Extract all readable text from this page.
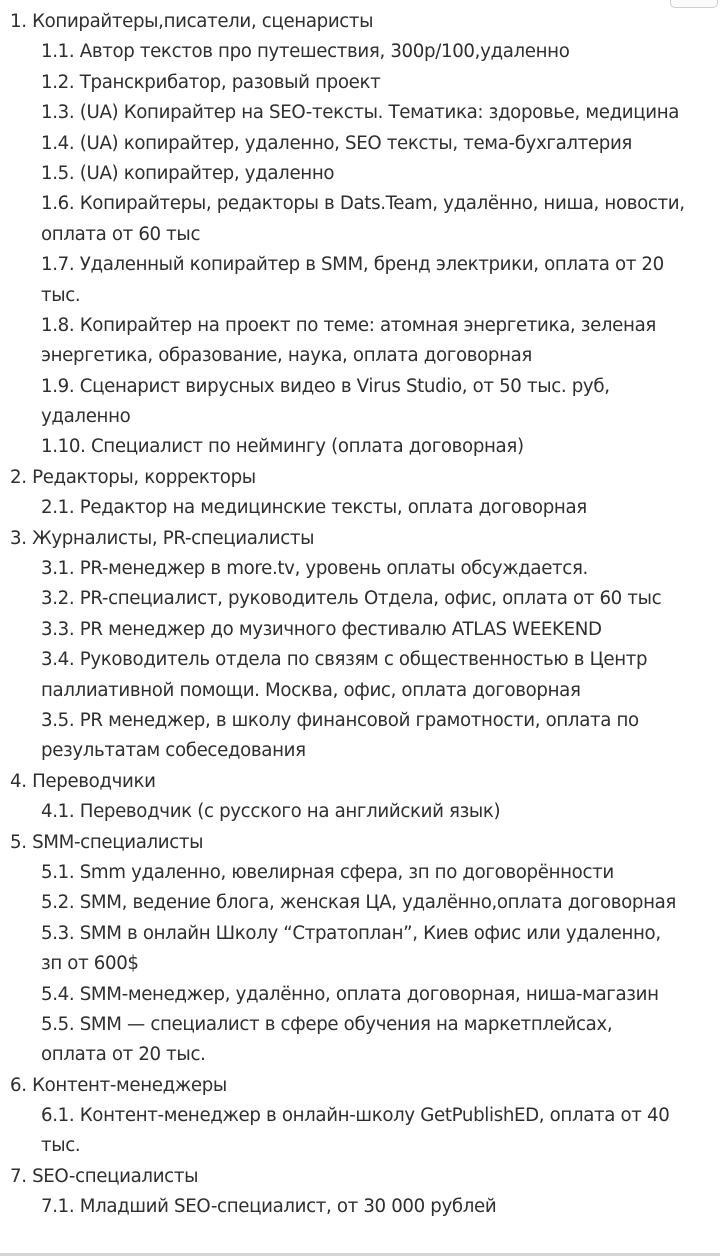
1. Копирайтеры,писатели, сценаристы
1.1. Автор текстов про путешествия, 300р/100,удаленно
1.2. Транскрибатор, разовый проект
1.3. (UA) Копирайтер на SEO-тексты. Тематика: здоровье, медицина
1.4. (UA) копирайтер, удаленно, SEO тексты, тема-бухгалтерия
1.5. (UA) копирайтер, удаленно
1.6. Копирайтеры, редакторы в Dats.Team, удалённо, ниша, новости,
оплата от 60 тыс
1.7. Удаленный копирайтер в SMM, бренд электрики, оплата от 20
тыс.
1.8. Копирайтер на проект по теме: атомная энергетика, зеленая
энергетика, образование, наука, оплата договорная
1.9. Сценарист вирусных видео в Virus Studio, от 50 тыс. руб,
удаленно
1.10. Специалист по неймингу (оплата договорная)
2. Редакторы, корректоры
2.1. Редактор на медицинские тексты, оплата договорная
3. Журналисты, PR-специалисты
3.1. PR-менеджер в more.tv, уровень оплаты обсуждается.
3.2. PR-специалист, руководитель Отдела, офис, оплата от 60 тыс
3.3. PR менеджер до музичного фестивалю ATLAS WEEKEND
3.4. Руководитель отдела по связям с общественностью в Центр
паллиативной помощи. Москва, офис, оплата договорная
3.5. PR менеджер, в школу финансовой грамотности, оплата по
результатам собеседования
4. Переводчики
4.1. Переводчик (с русского на английский язык)
5. SMM-специалисты
5.1. Smm удаленно, ювелирная сфера, зп по договорённости
5.2. SMM, ведение блога, женская ЦА, удалённо,оплата договорная
5.3. SMM в онлайн Школу “Стратоплан”, Киев офис или удаленно,
зп от 600$
5.4. SMM-менеджер, удалённо, оплата договорная, ниша-магазин
5.5. SMM — специалист в сфере обучения на маркетплейсах,
оплата от 20 тыс.
6. Контент-менеджеры
6.1. Контент-менеджер в онлайн-школу GetPublishED, оплата от 40
тыс.
7. SEO-специалисты
7.1. Младший SEO-специалист, от 30 000 рублей
